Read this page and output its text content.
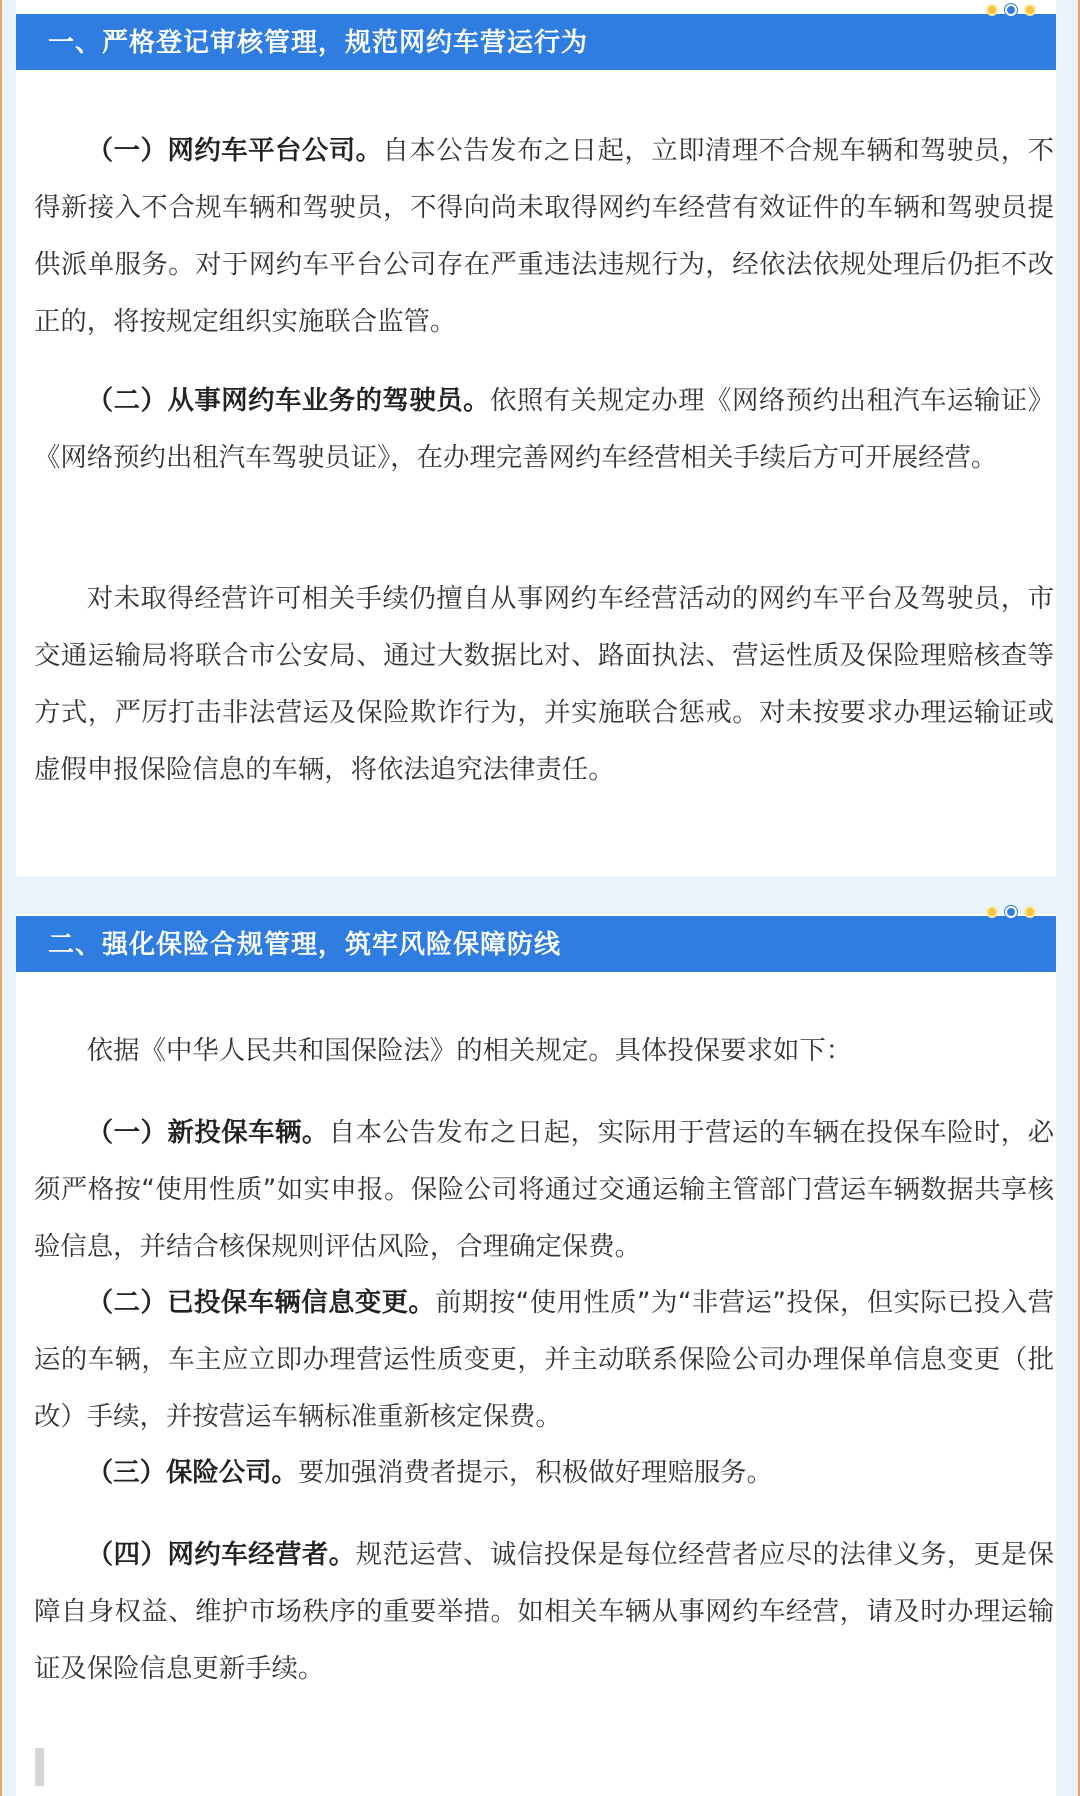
一、严格登记审核管理，规范网约车营运行为

（一）网约车平台公司。自本公告发布之日起，立即清理不合规车辆和驾驶员，不得新接入不合规车辆和驾驶员，不得向尚未取得网约车经营有效证件的车辆和驾驶员提供派单服务。对于网约车平台公司存在严重违法违规行为，经依法依规处理后仍拒不改正的，将按规定组织实施联合监管。

（二）从事网约车业务的驾驶员。依照有关规定办理《网络预约出租汽车运输证》《网络预约出租汽车驾驶员证》，在办理完善网约车经营相关手续后方可开展经营。

对未取得经营许可相关手续仍擅自从事网约车经营活动的网约车平台及驾驶员，市交通运输局将联合市公安局、通过大数据比对、路面执法、营运性质及保险理赔核查等方式，严厉打击非法营运及保险欺诈行为，并实施联合惩戒。对未按要求办理运输证或虚假申报保险信息的车辆，将依法追究法律责任。

二、强化保险合规管理，筑牢风险保障防线

依据《中华人民共和国保险法》的相关规定。具体投保要求如下：

（一）新投保车辆。自本公告发布之日起，实际用于营运的车辆在投保车险时，必须严格按“使用性质”如实申报。保险公司将通过交通运输主管部门营运车辆数据共享核验信息，并结合核保规则评估风险，合理确定保费。

（二）已投保车辆信息变更。前期按“使用性质”为“非营运”投保，但实际已投入营运的车辆，车主应立即办理营运性质变更，并主动联系保险公司办理保单信息变更（批改）手续，并按营运车辆标准重新核定保费。

（三）保险公司。要加强消费者提示，积极做好理赔服务。

（四）网约车经营者。规范运营、诚信投保是每位经营者应尽的法律义务，更是保障自身权益、维护市场秩序的重要举措。如相关车辆从事网约车经营，请及时办理运输证及保险信息更新手续。
